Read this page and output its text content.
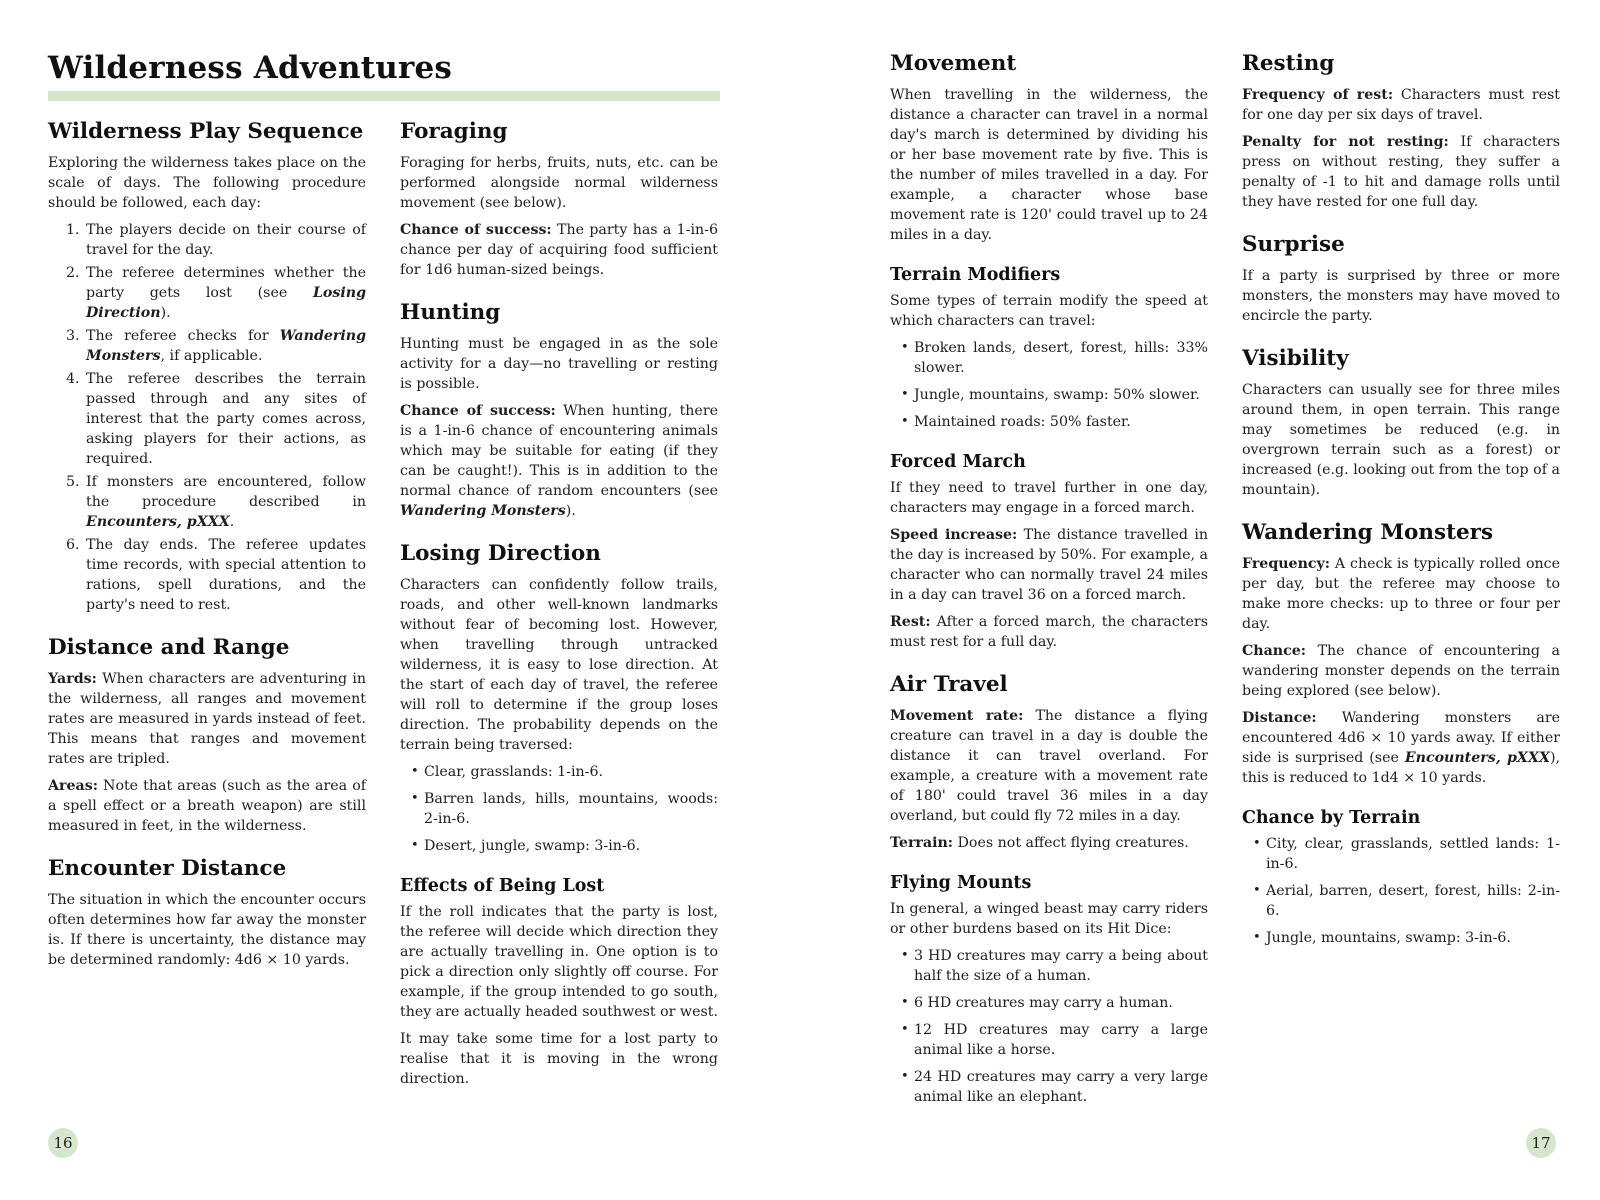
Wilderness Adventures
Wilderness Play Sequence

Exploring the wilderness takes place on the scale of days. The following procedure should be followed, each day:

1. The players decide on their course of travel for the day.
2. The referee determines whether the party gets lost (see Losing Direction).
3. The referee checks for Wandering Monsters, if applicable.
4. The referee describes the terrain passed through and any sites of interest that the party comes across, asking players for their actions, as required.
5. If monsters are encountered, follow the procedure described in Encounters, pXXX.
6. The day ends. The referee updates time records, with special attention to rations, spell durations, and the party's need to rest.
Distance and Range

Yards: When characters are adventuring in the wilderness, all ranges and movement rates are measured in yards instead of feet. This means that ranges and movement rates are tripled.

Areas: Note that areas (such as the area of a spell effect or a breath weapon) are still measured in feet, in the wilderness.

Encounter Distance

The situation in which the encounter occurs often determines how far away the monster is. If there is uncertainty, the distance may be determined randomly: 4d6 × 10 yards.

Foraging

Foraging for herbs, fruits, nuts, etc. can be performed alongside normal wilderness movement (see below).

Chance of success: The party has a 1-in-6 chance per day of acquiring food sufficient for 1d6 human-sized beings.

Hunting

Hunting must be engaged in as the sole activity for a day—no travelling or resting is possible.

Chance of success: When hunting, there is a 1-in-6 chance of encountering animals which may be suitable for eating (if they can be caught!). This is in addition to the normal chance of random encounters (see Wandering Monsters).

Losing Direction

Characters can confidently follow trails, roads, and other well-known landmarks without fear of becoming lost. However, when travelling through untracked wilderness, it is easy to lose direction. At the start of each day of travel, the referee will roll to determine if the group loses direction. The probability depends on the terrain being traversed:

• Clear, grasslands: 1-in-6.
• Barren lands, hills, mountains, woods: 2-in-6.
• Desert, jungle, swamp: 3-in-6.
Effects of Being Lost

If the roll indicates that the party is lost, the referee will decide which direction they are actually travelling in. One option is to pick a direction only slightly off course. For example, if the group intended to go south, they are actually headed southwest or west.

It may take some time for a lost party to realise that it is moving in the wrong direction.

Movement

When travelling in the wilderness, the distance a character can travel in a normal day's march is determined by dividing his or her base movement rate by five. This is the number of miles travelled in a day. For example, a character whose base movement rate is 120' could travel up to 24 miles in a day.

Terrain Modifiers

Some types of terrain modify the speed at which characters can travel:

• Broken lands, desert, forest, hills: 33% slower.
• Jungle, mountains, swamp: 50% slower.
• Maintained roads: 50% faster.
Forced March

If they need to travel further in one day, characters may engage in a forced march.

Speed increase: The distance travelled in the day is increased by 50%. For example, a character who can normally travel 24 miles in a day can travel 36 on a forced march.

Rest: After a forced march, the characters must rest for a full day.

Air Travel

Movement rate: The distance a flying creature can travel in a day is double the distance it can travel overland. For example, a creature with a movement rate of 180' could travel 36 miles in a day overland, but could fly 72 miles in a day.

Terrain: Does not affect flying creatures.

Flying Mounts

In general, a winged beast may carry riders or other burdens based on its Hit Dice:

• 3 HD creatures may carry a being about half the size of a human.
• 6 HD creatures may carry a human.
• 12 HD creatures may carry a large animal like a horse.
• 24 HD creatures may carry a very large animal like an elephant.
Resting

Frequency of rest: Characters must rest for one day per six days of travel.

Penalty for not resting: If characters press on without resting, they suffer a penalty of -1 to hit and damage rolls until they have rested for one full day.

Surprise

If a party is surprised by three or more monsters, the monsters may have moved to encircle the party.

Visibility

Characters can usually see for three miles around them, in open terrain. This range may sometimes be reduced (e.g. in overgrown terrain such as a forest) or increased (e.g. looking out from the top of a mountain).

Wandering Monsters

Frequency: A check is typically rolled once per day, but the referee may choose to make more checks: up to three or four per day.

Chance: The chance of encountering a wandering monster depends on the terrain being explored (see below).

Distance: Wandering monsters are encountered 4d6 × 10 yards away. If either side is surprised (see Encounters, pXXX), this is reduced to 1d4 × 10 yards.

Chance by Terrain
• City, clear, grasslands, settled lands: 1-in-6.
• Aerial, barren, desert, forest, hills: 2-in-6.
• Jungle, mountains, swamp: 3-in-6.
16	17
